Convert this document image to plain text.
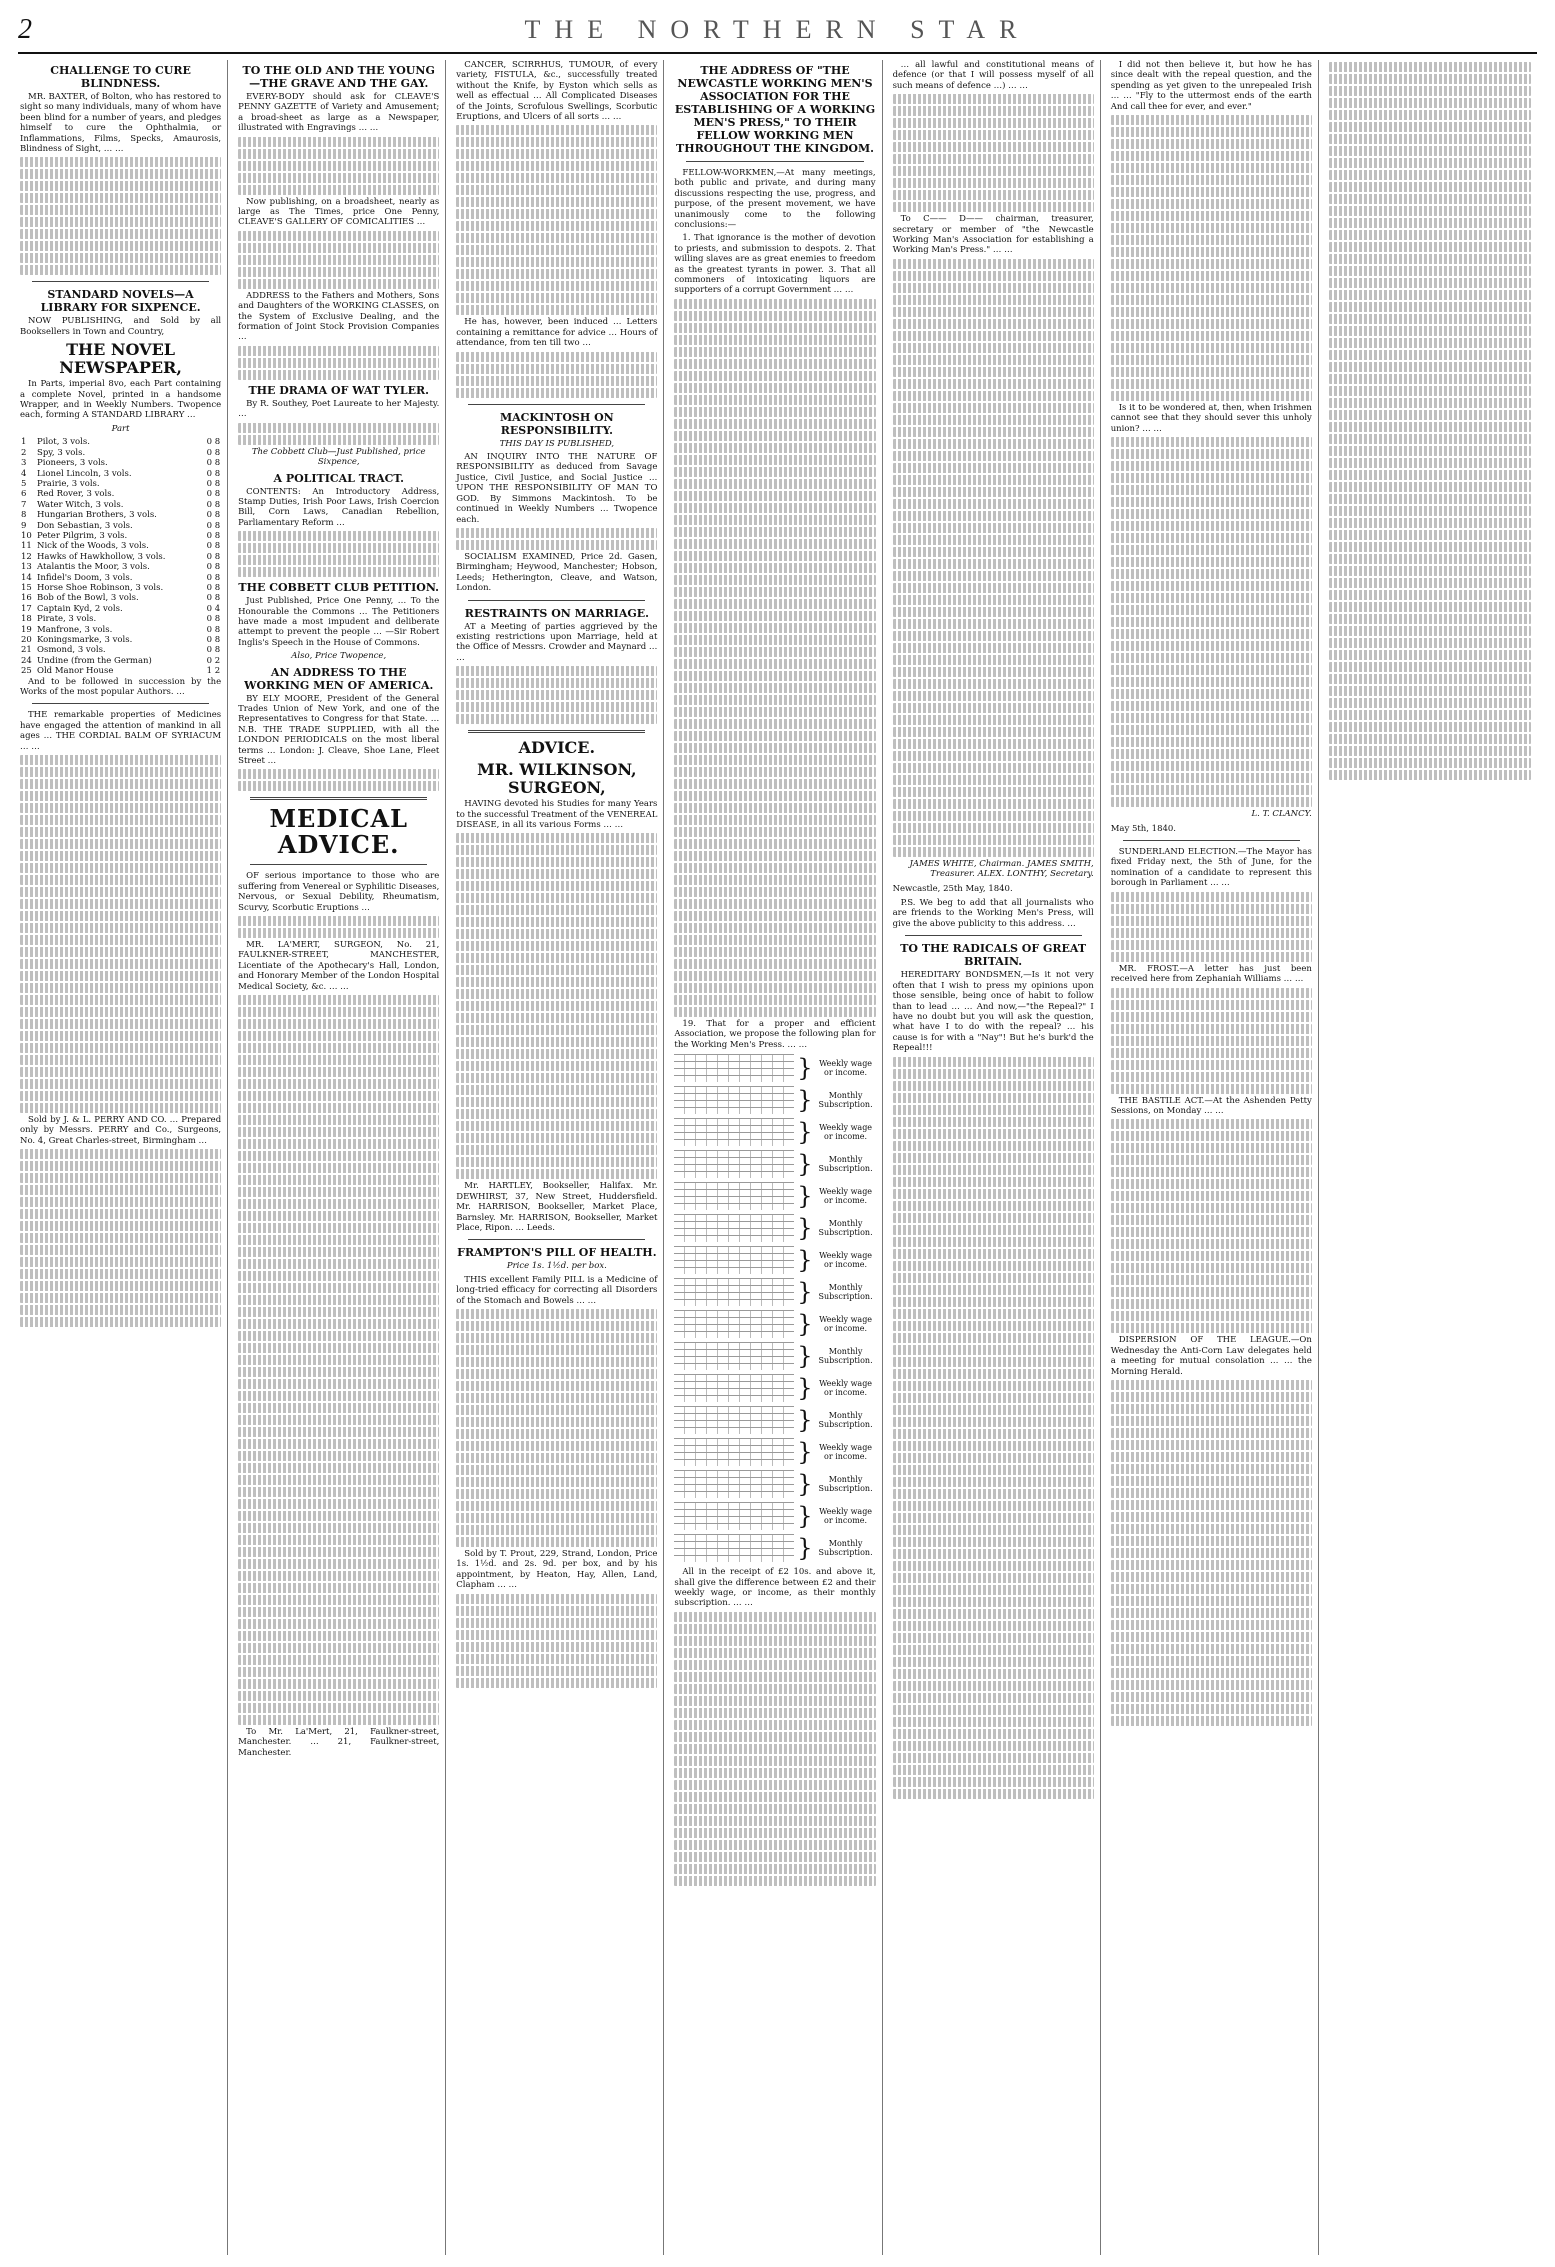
2	THE NORTHERN STAR
CHALLENGE TO CURE BLINDNESS.

MR. BAXTER, of Bolton, who has restored to sight so many individuals, many of whom have been blind for a number of years, and pledges himself to cure the Ophthalmia, or Inflammations, Films, Specks, Amaurosis, Blindness of Sight, … …

STANDARD NOVELS—A LIBRARY FOR SIXPENCE.

NOW PUBLISHING, and Sold by all Booksellers in Town and Country,

THE NOVEL NEWSPAPER,

In Parts, imperial 8vo, each Part containing a complete Novel, printed in a handsome Wrapper, and in Weekly Numbers. Twopence each, forming A STANDARD LIBRARY …

Part
1	Pilot, 3 vols.	0 8
2	Spy, 3 vols.	0 8
3	Pioneers, 3 vols.	0 8
4	Lionel Lincoln, 3 vols.	0 8
5	Prairie, 3 vols.	0 8
6	Red Rover, 3 vols.	0 8
7	Water Witch, 3 vols.	0 8
8	Hungarian Brothers, 3 vols.	0 8
9	Don Sebastian, 3 vols.	0 8
10	Peter Pilgrim, 3 vols.	0 8
11	Nick of the Woods, 3 vols.	0 8
12	Hawks of Hawkhollow, 3 vols.	0 8
13	Atalantis the Moor, 3 vols.	0 8
14	Infidel's Doom, 3 vols.	0 8
15	Horse Shoe Robinson, 3 vols.	0 8
16	Bob of the Bowl, 3 vols.	0 8
17	Captain Kyd, 2 vols.	0 4
18	Pirate, 3 vols.	0 8
19	Manfrone, 3 vols.	0 8
20	Koningsmarke, 3 vols.	0 8
21	Osmond, 3 vols.	0 8
24	Undine (from the German)	0 2
25	Old Manor House	1 2

And to be followed in succession by the Works of the most popular Authors. …

THE remarkable properties of Medicines have engaged the attention of mankind in all ages … THE CORDIAL BALM OF SYRIACUM … …

Sold by J. & L. PERRY AND CO. … Prepared only by Messrs. PERRY and Co., Surgeons, No. 4, Great Charles-street, Birmingham …

TO THE OLD AND THE YOUNG—THE GRAVE AND THE GAY.

EVERY-BODY should ask for CLEAVE'S PENNY GAZETTE of Variety and Amusement; a broad-sheet as large as a Newspaper, illustrated with Engravings … …

Now publishing, on a broadsheet, nearly as large as The Times, price One Penny, CLEAVE'S GALLERY OF COMICALITIES …

ADDRESS to the Fathers and Mothers, Sons and Daughters of the WORKING CLASSES, on the System of Exclusive Dealing, and the formation of Joint Stock Provision Companies …

THE DRAMA OF WAT TYLER.

By R. Southey, Poet Laureate to her Majesty. …

The Cobbett Club—Just Published, price Sixpence,
A POLITICAL TRACT.

CONTENTS: An Introductory Address, Stamp Duties, Irish Poor Laws, Irish Coercion Bill, Corn Laws, Canadian Rebellion, Parliamentary Reform …

THE COBBETT CLUB PETITION.

Just Published, Price One Penny, … To the Honourable the Commons … The Petitioners have made a most impudent and deliberate attempt to prevent the people … —Sir Robert Inglis's Speech in the House of Commons.

Also, Price Twopence,
AN ADDRESS TO THE WORKING MEN OF AMERICA.

BY ELY MOORE, President of the General Trades Union of New York, and one of the Representatives to Congress for that State. … N.B. THE TRADE SUPPLIED, with all the LONDON PERIODICALS on the most liberal terms … London: J. Cleave, Shoe Lane, Fleet Street …

MEDICAL ADVICE.

OF serious importance to those who are suffering from Venereal or Syphilitic Diseases, Nervous, or Sexual Debility, Rheumatism, Scurvy, Scorbutic Eruptions …

MR. LA'MERT, SURGEON, No. 21, FAULKNER-STREET, MANCHESTER, Licentiate of the Apothecary's Hall, London, and Honorary Member of the London Hospital Medical Society, &c. … …

To Mr. La'Mert, 21, Faulkner-street, Manchester. … 21, Faulkner-street, Manchester.

CANCER, SCIRRHUS, TUMOUR, of every variety, FISTULA, &c., successfully treated without the Knife, by Eyston which sells as well as effectual … All Complicated Diseases of the Joints, Scrofulous Swellings, Scorbutic Eruptions, and Ulcers of all sorts … …

He has, however, been induced … Letters containing a remittance for advice … Hours of attendance, from ten till two …

MACKINTOSH ON RESPONSIBILITY.
THIS DAY IS PUBLISHED,

AN INQUIRY INTO THE NATURE OF RESPONSIBILITY as deduced from Savage Justice, Civil Justice, and Social Justice … UPON THE RESPONSIBILITY OF MAN TO GOD. By Simmons Mackintosh. To be continued in Weekly Numbers … Twopence each.

SOCIALISM EXAMINED, Price 2d. Gasen, Birmingham; Heywood, Manchester; Hobson, Leeds; Hetherington, Cleave, and Watson, London.

RESTRAINTS ON MARRIAGE.

AT a Meeting of parties aggrieved by the existing restrictions upon Marriage, held at the Office of Messrs. Crowder and Maynard … …

ADVICE.
MR. WILKINSON, SURGEON,

HAVING devoted his Studies for many Years to the successful Treatment of the VENEREAL DISEASE, in all its various Forms … …

Mr. HARTLEY, Bookseller, Halifax. Mr. DEWHIRST, 37, New Street, Huddersfield. Mr. HARRISON, Bookseller, Market Place, Barnsley. Mr. HARRISON, Bookseller, Market Place, Ripon. … Leeds.

FRAMPTON'S PILL OF HEALTH.
Price 1s. 1½d. per box.

THIS excellent Family PILL is a Medicine of long-tried efficacy for correcting all Disorders of the Stomach and Bowels … …

Sold by T. Prout, 229, Strand, London, Price 1s. 1½d. and 2s. 9d. per box, and by his appointment, by Heaton, Hay, Allen, Land, Clapham … …

THE ADDRESS OF "THE NEWCASTLE WORKING MEN'S ASSOCIATION FOR THE ESTABLISHING OF A WORKING MEN'S PRESS," TO THEIR FELLOW WORKING MEN THROUGHOUT THE KINGDOM.

FELLOW-WORKMEN,—At many meetings, both public and private, and during many discussions respecting the use, progress, and purpose, of the present movement, we have unanimously come to the following conclusions:—

1. That ignorance is the mother of devotion to priests, and submission to despots. 2. That willing slaves are as great enemies to freedom as the greatest tyrants in power. 3. That all commoners of intoxicating liquors are supporters of a corrupt Government … …

19. That for a proper and efficient Association, we propose the following plan for the Working Men's Press. … …

} Weekly wage or income.
}	Monthly Subscription.
} Weekly wage or income.
}	Monthly Subscription.
} Weekly wage or income.
}	Monthly Subscription.
} Weekly wage or income.
}	Monthly Subscription.
} Weekly wage or income.
}	Monthly Subscription.
} Weekly wage or income.
}	Monthly Subscription.
} Weekly wage or income.
}	Monthly Subscription.
} Weekly wage or income.
}	Monthly Subscription.

All in the receipt of £2 10s. and above it, shall give the difference between £2 and their weekly wage, or income, as their monthly subscription. … …

… all lawful and constitutional means of defence (or that I will possess myself of all such means of defence …) … …

To C—— D—— chairman, treasurer, secretary or member of "the Newcastle Working Man's Association for establishing a Working Man's Press." … …

JAMES WHITE, Chairman. JAMES SMITH, Treasurer. ALEX. LONTHY, Secretary.
Newcastle, 25th May, 1840.

P.S. We beg to add that all journalists who are friends to the Working Men's Press, will give the above publicity to this address. …

TO THE RADICALS OF GREAT BRITAIN.

HEREDITARY BONDSMEN,—Is it not very often that I wish to press my opinions upon those sensible, being once of habit to follow than to lead … … And now,—"the Repeal?" I have no doubt but you will ask the question, what have I to do with the repeal? … his cause is for with a "Nay"! But he's burk'd the Repeal!!!

I did not then believe it, but how he has since dealt with the repeal question, and the spending as yet given to the unrepealed Irish … … "Fly to the uttermost ends of the earth And call thee for ever, and ever."

Is it to be wondered at, then, when Irishmen cannot see that they should sever this unholy union? … …

L. T. CLANCY.
May 5th, 1840.

SUNDERLAND ELECTION.—The Mayor has fixed Friday next, the 5th of June, for the nomination of a candidate to represent this borough in Parliament … …

MR. FROST.—A letter has just been received here from Zephaniah Williams … …

THE BASTILE ACT.—At the Ashenden Petty Sessions, on Monday … …

DISPERSION OF THE LEAGUE.—On Wednesday the Anti-Corn Law delegates held a meeting for mutual consolation … … the Morning Herald.
